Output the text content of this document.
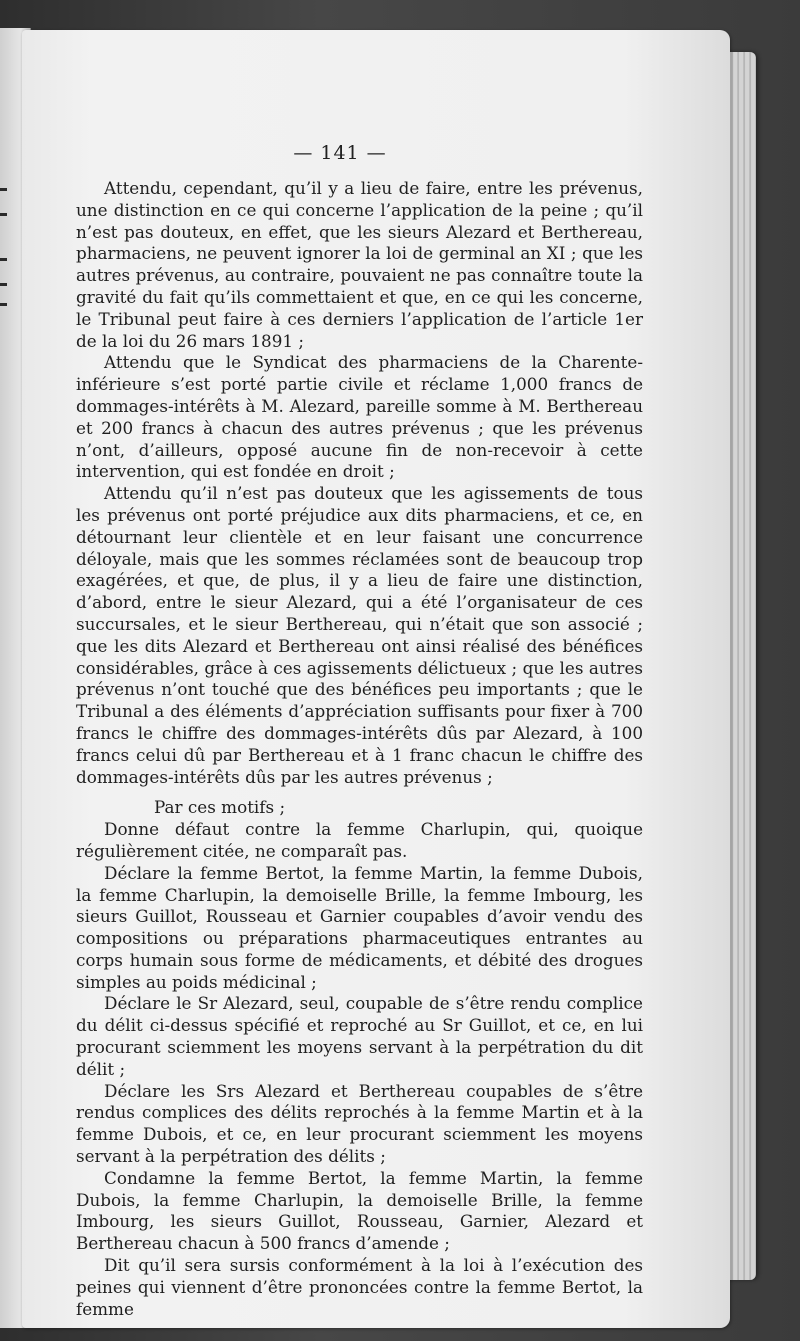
— 141 —

Attendu, cependant, qu’il y a lieu de faire, entre les prévenus, une distinction en ce qui concerne l’application de la peine ; qu’il n’est pas douteux, en effet, que les sieurs Alezard et Berthereau, pharmaciens, ne peuvent ignorer la loi de germinal an XI ; que les autres prévenus, au contraire, pouvaient ne pas connaître toute la gravité du fait qu’ils commettaient et que, en ce qui les concerne, le Tribunal peut faire à ces derniers l’application de l’article 1er de la loi du 26 mars 1891 ;

Attendu que le Syndicat des pharmaciens de la Charente-inférieure s’est porté partie civile et réclame 1,000 francs de dommages-intérêts à M. Alezard, pareille somme à M. Berthereau et 200 francs à chacun des autres prévenus ; que les prévenus n’ont, d’ailleurs, opposé aucune fin de non-recevoir à cette intervention, qui est fondée en droit ;

Attendu qu’il n’est pas douteux que les agissements de tous les prévenus ont porté préjudice aux dits pharmaciens, et ce, en détournant leur clientèle et en leur faisant une concurrence déloyale, mais que les sommes réclamées sont de beaucoup trop exagérées, et que, de plus, il y a lieu de faire une distinction, d’abord, entre le sieur Alezard, qui a été l’organisateur de ces succursales, et le sieur Berthereau, qui n’était que son associé ; que les dits Alezard et Berthereau ont ainsi réalisé des bénéfices considérables, grâce à ces agissements délictueux ; que les autres prévenus n’ont touché que des bénéfices peu importants ; que le Tribunal a des éléments d’appréciation suffisants pour fixer à 700 francs le chiffre des dommages-intérêts dûs par Alezard, à 100 francs celui dû par Berthereau et à 1 franc chacun le chiffre des dommages-intérêts dûs par les autres prévenus ;

Par ces motifs ;

Donne défaut contre la femme Charlupin, qui, quoique régulièrement citée, ne comparaît pas.

Déclare la femme Bertot, la femme Martin, la femme Dubois, la femme Charlupin, la demoiselle Brille, la femme Imbourg, les sieurs Guillot, Rousseau et Garnier coupables d’avoir vendu des compositions ou préparations pharmaceutiques entrantes au corps humain sous forme de médicaments, et débité des drogues simples au poids médicinal ;

Déclare le Sr Alezard, seul, coupable de s’être rendu complice du délit ci-dessus spécifié et reproché au Sr Guillot, et ce, en lui procurant sciemment les moyens servant à la perpétration du dit délit ;

Déclare les Srs Alezard et Berthereau coupables de s’être rendus complices des délits reprochés à la femme Martin et à la femme Dubois, et ce, en leur procurant sciemment les moyens servant à la perpétration des délits ;

Condamne la femme Bertot, la femme Martin, la femme Dubois, la femme Charlupin, la demoiselle Brille, la femme Imbourg, les sieurs Guillot, Rousseau, Garnier, Alezard et Berthereau chacun à 500 francs d’amende ;

Dit qu’il sera sursis conformément à la loi à l’exécution des peines qui viennent d’être prononcées contre la femme Bertot, la femme
